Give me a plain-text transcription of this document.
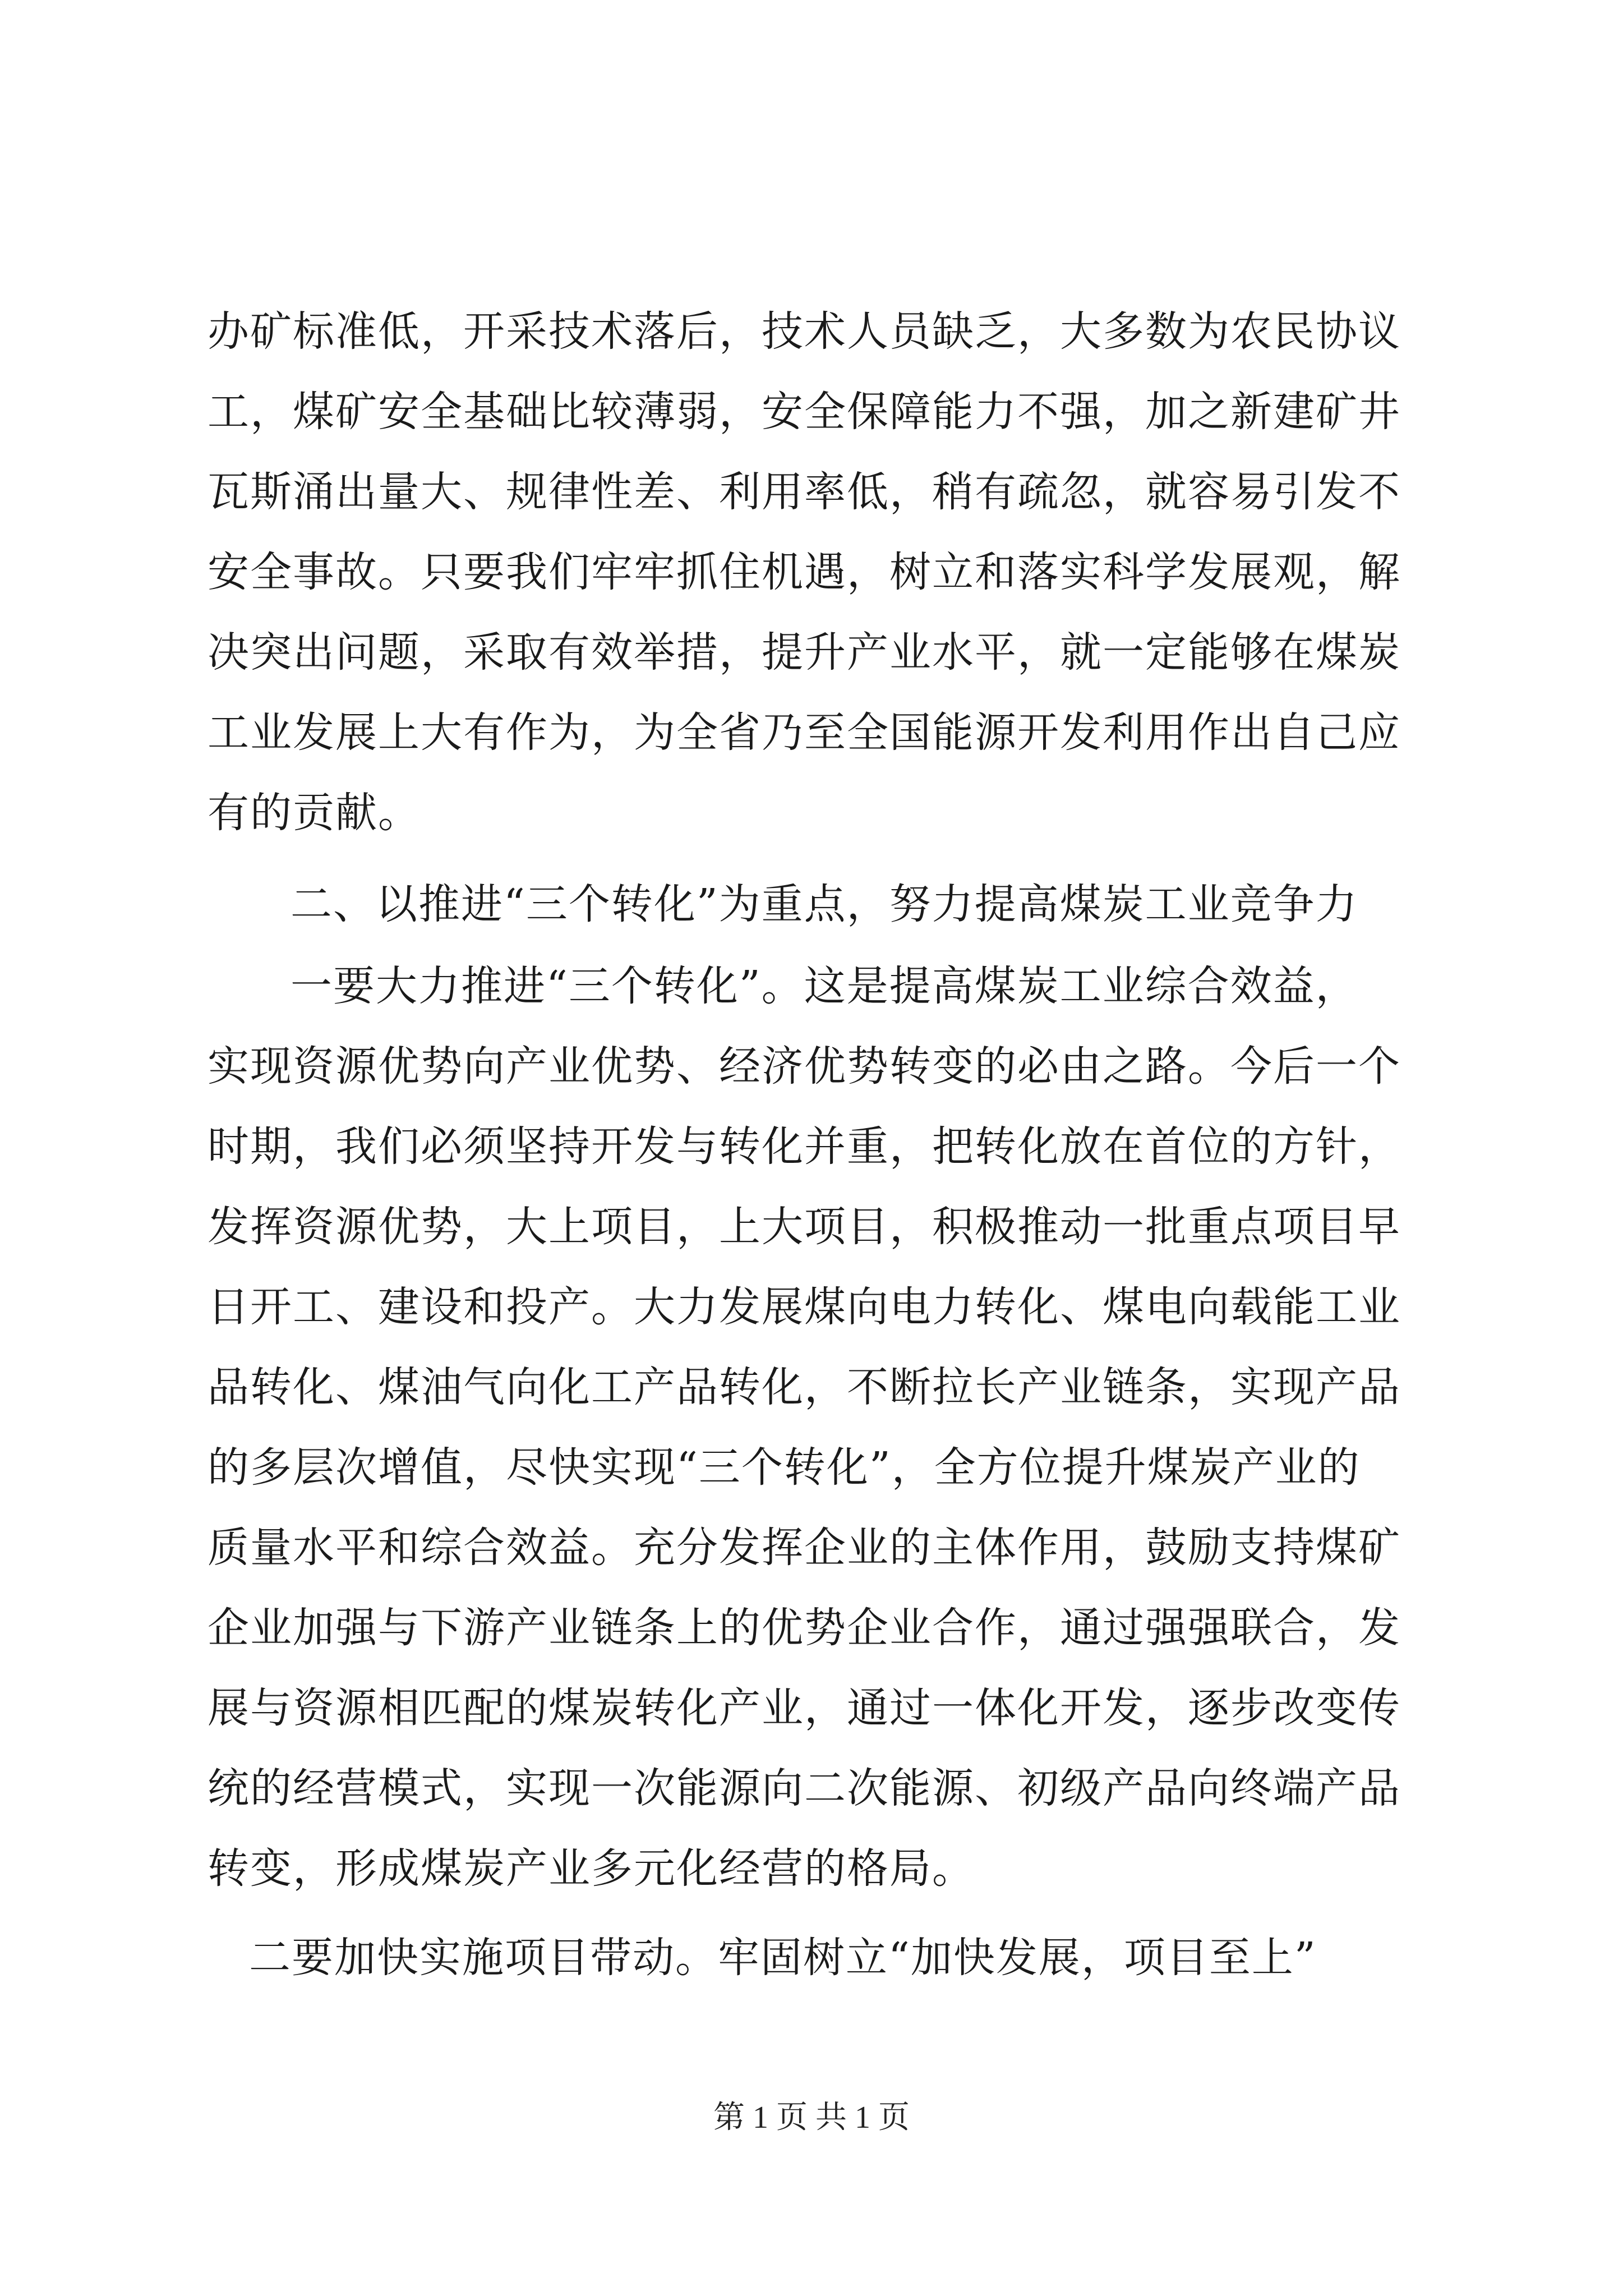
办矿标准低，开采技术落后，技术人员缺乏，大多数为农民协议
工，煤矿安全基础比较薄弱，安全保障能力不强，加之新建矿井
瓦斯涌出量大、规律性差、利用率低，稍有疏忽，就容易引发不
安全事故。只要我们牢牢抓住机遇，树立和落实科学发展观，解
决突出问题，采取有效举措，提升产业水平，就一定能够在煤炭
工业发展上大有作为，为全省乃至全国能源开发利用作出自己应
有的贡献。
二、以推进“三个转化”为重点，努力提高煤炭工业竞争力
一要大力推进“三个转化”。这是提高煤炭工业综合效益，
实现资源优势向产业优势、经济优势转变的必由之路。今后一个
时期，我们必须坚持开发与转化并重，把转化放在首位的方针，
发挥资源优势，大上项目，上大项目，积极推动一批重点项目早
日开工、建设和投产。大力发展煤向电力转化、煤电向载能工业
品转化、煤油气向化工产品转化，不断拉长产业链条，实现产品
的多层次增值，尽快实现“三个转化”，全方位提升煤炭产业的
质量水平和综合效益。充分发挥企业的主体作用，鼓励支持煤矿
企业加强与下游产业链条上的优势企业合作，通过强强联合，发
展与资源相匹配的煤炭转化产业，通过一体化开发，逐步改变传
统的经营模式，实现一次能源向二次能源、初级产品向终端产品
转变，形成煤炭产业多元化经营的格局。
二要加快实施项目带动。牢固树立“加快发展，项目至上”
第 1 页 共 1 页
